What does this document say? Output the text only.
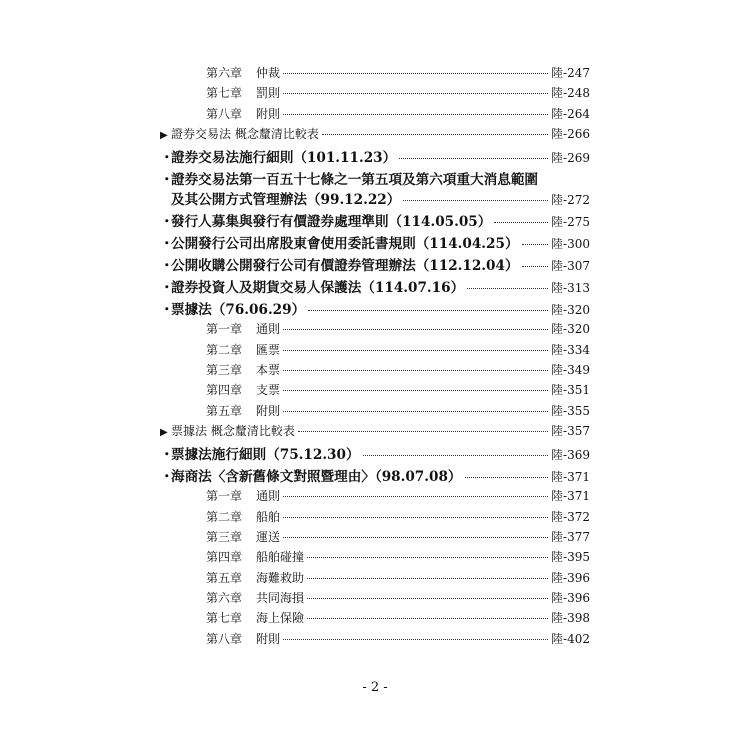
第六章	仲裁	陸-247
第七章	罰則	陸-248
第八章	附則	陸-264
▶ 證券交易法 概念釐清比較表	陸-266
・
證券交易法施行細則（101.11.23）	陸-269
・
證券交易法第一百五十七條之一第五項及第六項重大消息範圍
及其公開方式管理辦法（99.12.22）	陸-272
・
發行人募集與發行有價證券處理準則（114.05.05）	陸-275
・
公開發行公司出席股東會使用委託書規則（114.04.25）	陸-300
・
公開收購公開發行公司有價證券管理辦法（112.12.04）	陸-307
・
證券投資人及期貨交易人保護法（114.07.16）	陸-313
・
票據法（76.06.29）	陸-320
第一章	通則	陸-320
第二章	匯票	陸-334
第三章	本票	陸-349
第四章	支票	陸-351
第五章	附則	陸-355
▶ 票據法 概念釐清比較表	陸-357
・
票據法施行細則（75.12.30）	陸-369
・
海商法〈含新舊條文對照暨理由〉（98.07.08）	陸-371
第一章	通則	陸-371
第二章	船舶	陸-372
第三章	運送	陸-377
第四章	船舶碰撞	陸-395
第五章	海難救助	陸-396
第六章	共同海損	陸-396
第七章	海上保險	陸-398
第八章	附則	陸-402
- 2 -
